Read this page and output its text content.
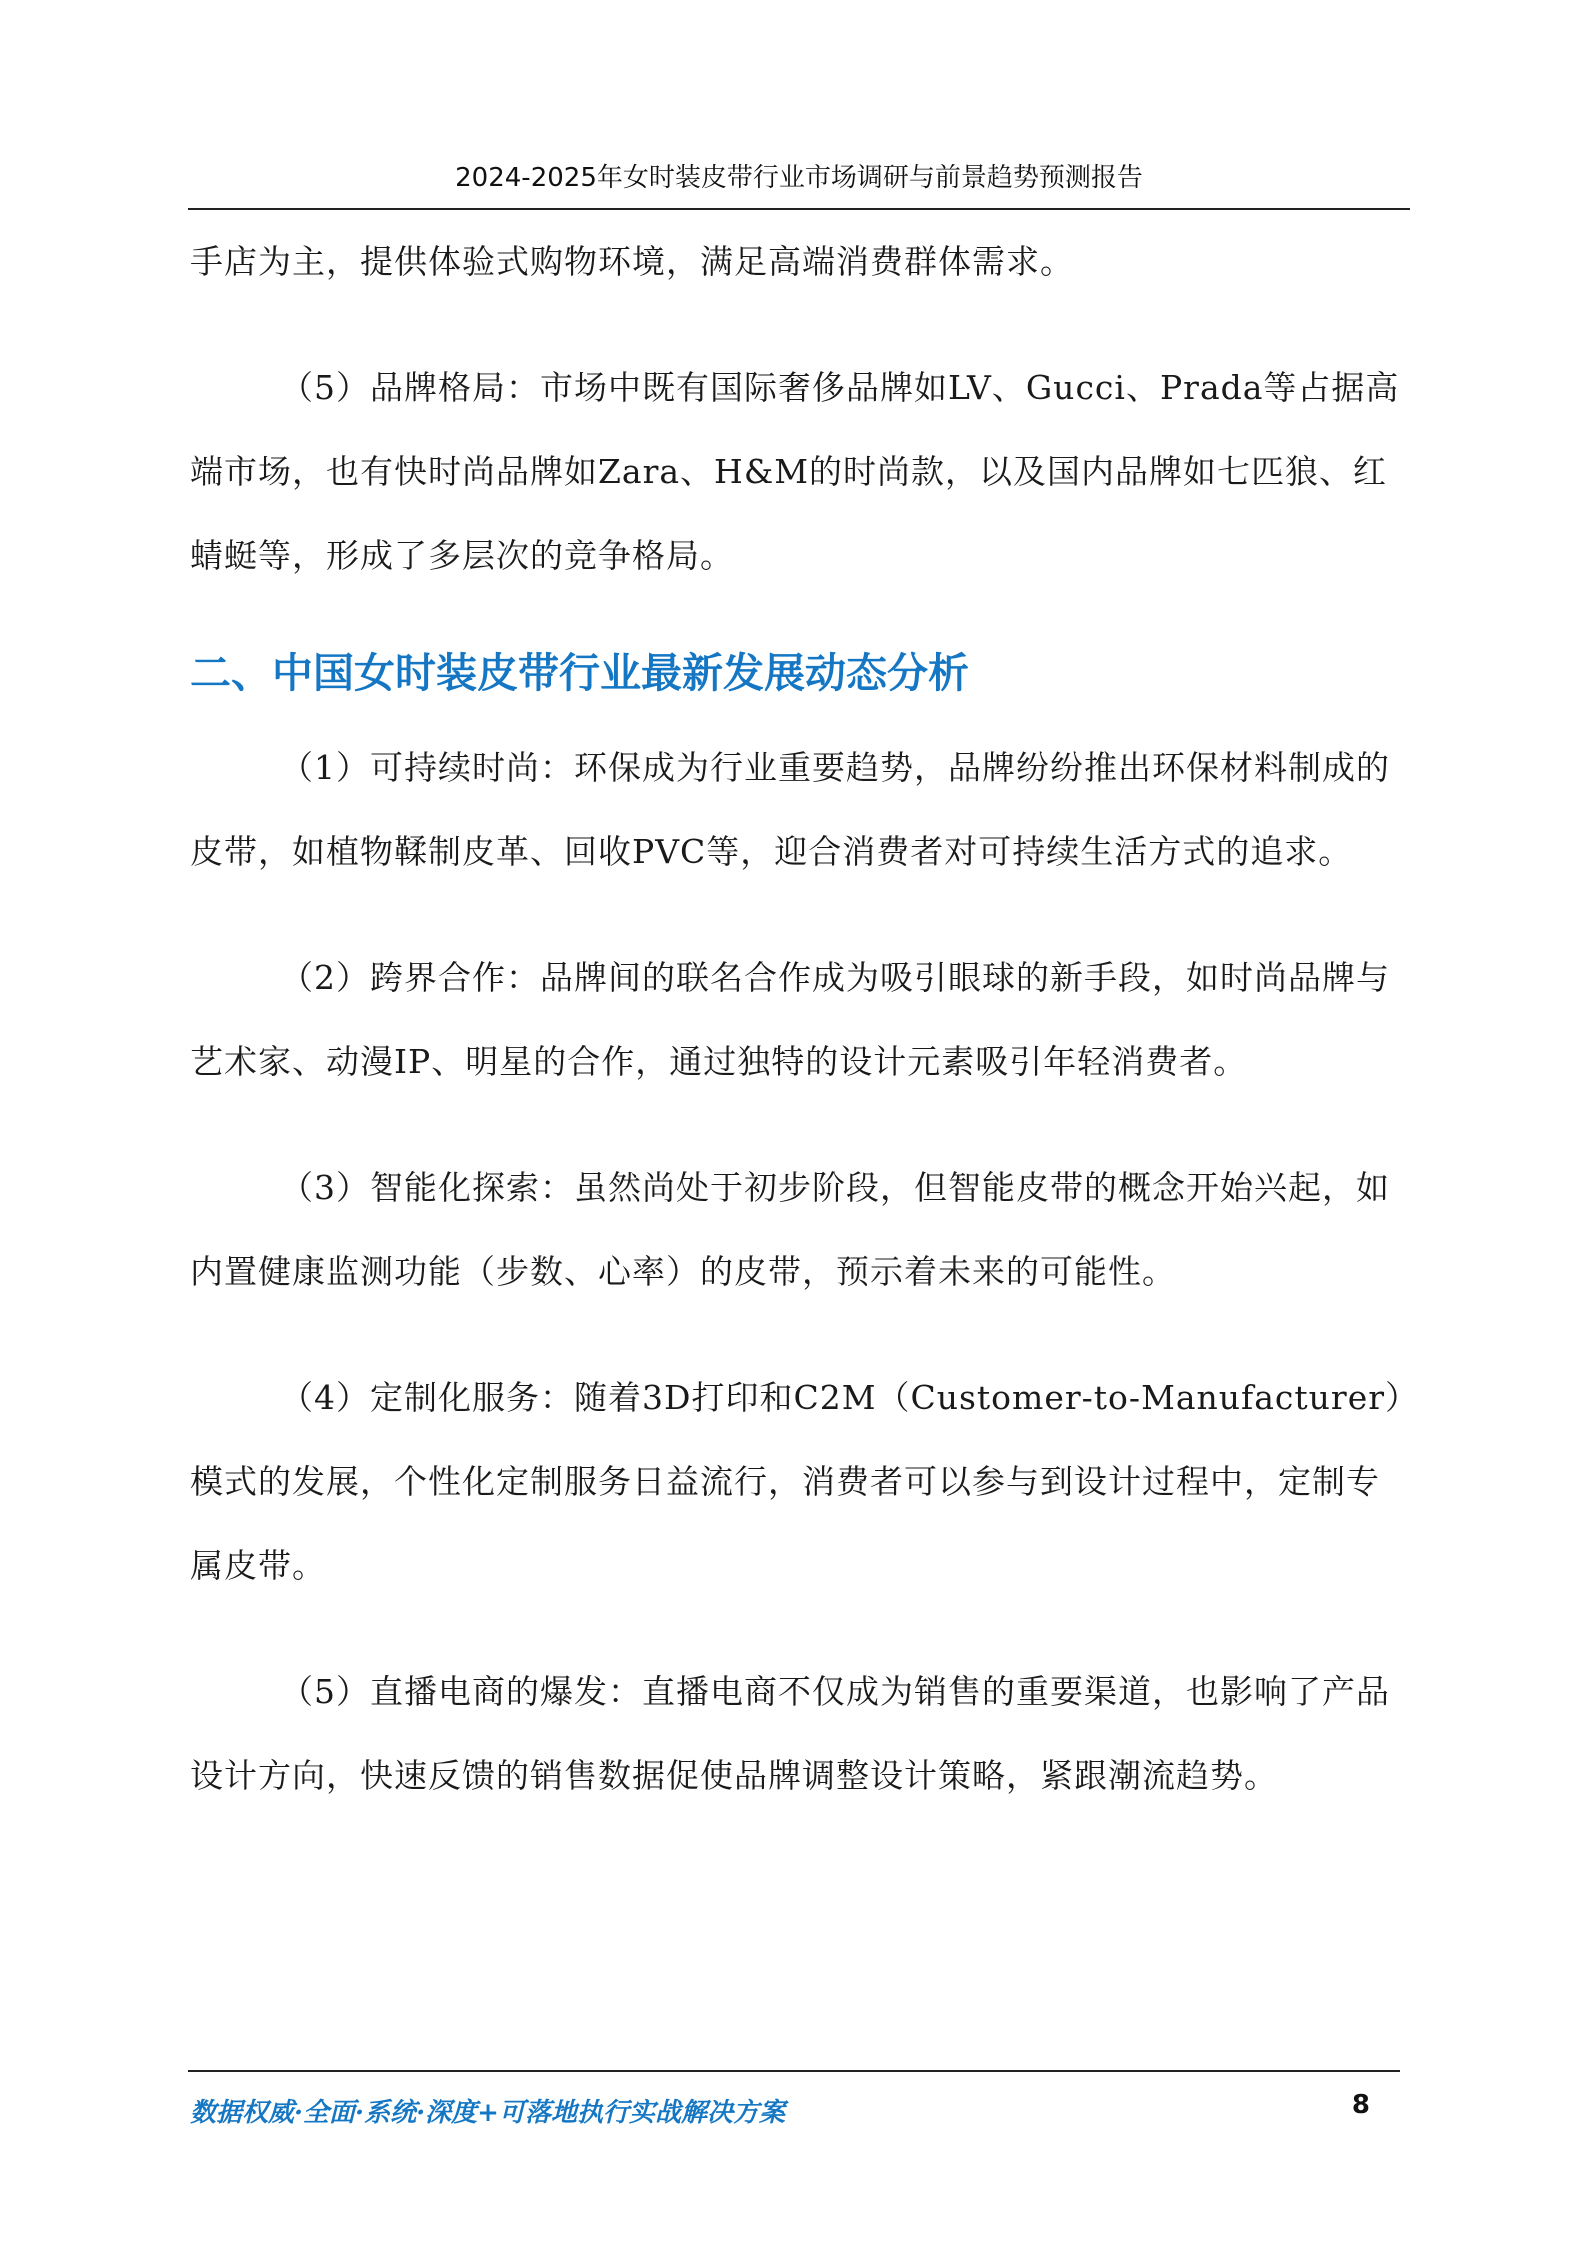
2024-2025年女时装皮带行业市场调研与前景趋势预测报告

手店为主，提供体验式购物环境，满足高端消费群体需求。

（5）品牌格局：市场中既有国际奢侈品牌如LV、Gucci、Prada等占据高端市场，也有快时尚品牌如Zara、H&M的时尚款，以及国内品牌如七匹狼、红蜻蜓等，形成了多层次的竞争格局。

二、中国女时装皮带行业最新发展动态分析

（1）可持续时尚：环保成为行业重要趋势，品牌纷纷推出环保材料制成的皮带，如植物鞣制皮革、回收PVC等，迎合消费者对可持续生活方式的追求。

（2）跨界合作：品牌间的联名合作成为吸引眼球的新手段，如时尚品牌与艺术家、动漫IP、明星的合作，通过独特的设计元素吸引年轻消费者。

（3）智能化探索：虽然尚处于初步阶段，但智能皮带的概念开始兴起，如内置健康监测功能（步数、心率）的皮带，预示着未来的可能性。

（4）定制化服务：随着3D打印和C2M（Customer-to-Manufacturer）模式的发展，个性化定制服务日益流行，消费者可以参与到设计过程中，定制专属皮带。

（5）直播电商的爆发：直播电商不仅成为销售的重要渠道，也影响了产品设计方向，快速反馈的销售数据促使品牌调整设计策略，紧跟潮流趋势。

数据权威·全面·系统·深度+可落地执行实战解决方案	8
